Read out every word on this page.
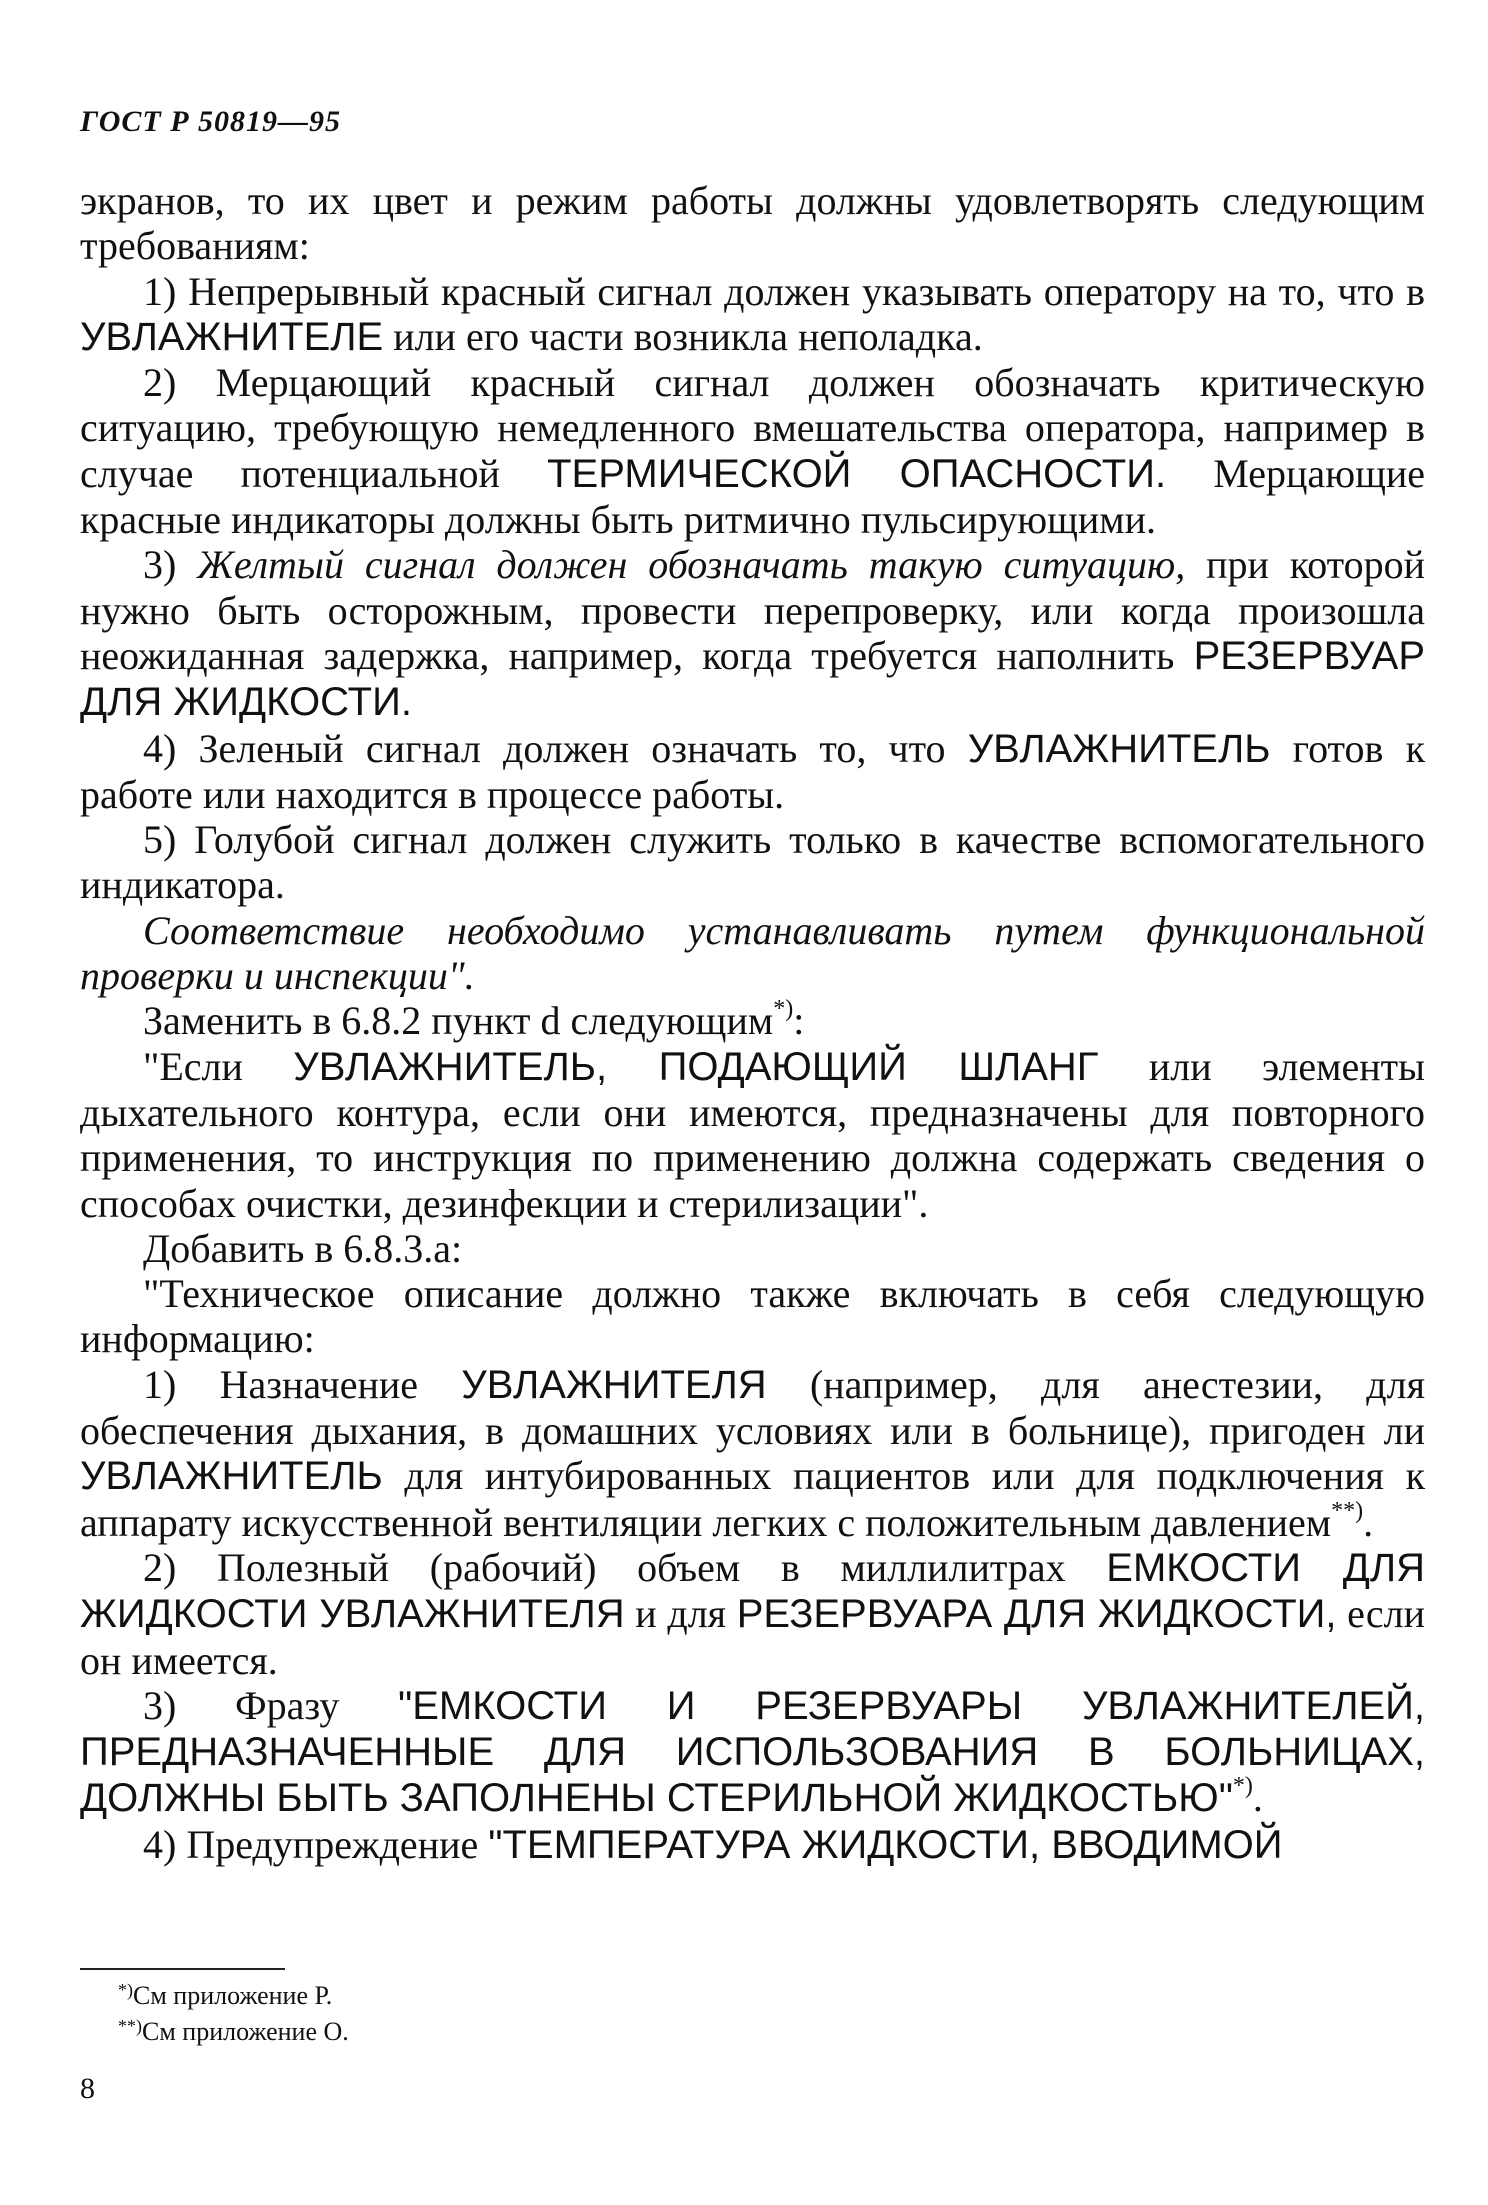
ГОСТ Р 50819—95

экранов, то их цвет и режим работы должны удовлетворять следующим требованиям:

1) Непрерывный красный сигнал должен указывать оператору на то, что в УВЛАЖНИТЕЛЕ или его части возникла неполадка.

2) Мерцающий красный сигнал должен обозначать критическую ситуацию, требующую немедленного вмешательства оператора, например в случае потенциальной ТЕРМИЧЕСКОЙ ОПАСНОСТИ. Мерцающие красные индикаторы должны быть ритмично пульсирующими.

3) Желтый сигнал должен обозначать такую ситуацию, при которой нужно быть осторожным, провести перепроверку, или когда произошла неожиданная задержка, например, когда требуется наполнить РЕЗЕРВУАР ДЛЯ ЖИДКОСТИ.

4) Зеленый сигнал должен означать то, что УВЛАЖНИТЕЛЬ готов к работе или находится в процессе работы.

5) Голубой сигнал должен служить только в качестве вспомогательного индикатора.

Соответствие необходимо устанавливать путем функциональной проверки и инспекции".

Заменить в 6.8.2 пункт d следующим*):

"Если УВЛАЖНИТЕЛЬ, ПОДАЮЩИЙ ШЛАНГ или элементы дыхательного контура, если они имеются, предназначены для повторного применения, то инструкция по применению должна содержать сведения о способах очистки, дезинфекции и стерилизации".

Добавить в 6.8.3.а:

"Техническое описание должно также включать в себя следующую информацию:

1) Назначение УВЛАЖНИТЕЛЯ (например, для анестезии, для обеспечения дыхания, в домашних условиях или в больнице), пригоден ли УВЛАЖНИТЕЛЬ для интубированных пациентов или для подключения к аппарату искусственной вентиляции легких с положительным давлением**).

2) Полезный (рабочий) объем в миллилитрах ЕМКОСТИ ДЛЯ ЖИДКОСТИ УВЛАЖНИТЕЛЯ и для РЕЗЕРВУАРА ДЛЯ ЖИДКОСТИ, если он имеется.

3) Фразу "ЕМКОСТИ И РЕЗЕРВУАРЫ УВЛАЖНИТЕЛЕЙ, ПРЕДНАЗНАЧЕННЫЕ ДЛЯ ИСПОЛЬЗОВАНИЯ В БОЛЬНИЦАХ, ДОЛЖНЫ БЫТЬ ЗАПОЛНЕНЫ СТЕРИЛЬНОЙ ЖИДКОСТЬЮ"*).

4) Предупреждение "ТЕМПЕРАТУРА ЖИДКОСТИ, ВВОДИМОЙ

*)См приложение Р.
**)См приложение О.
8
